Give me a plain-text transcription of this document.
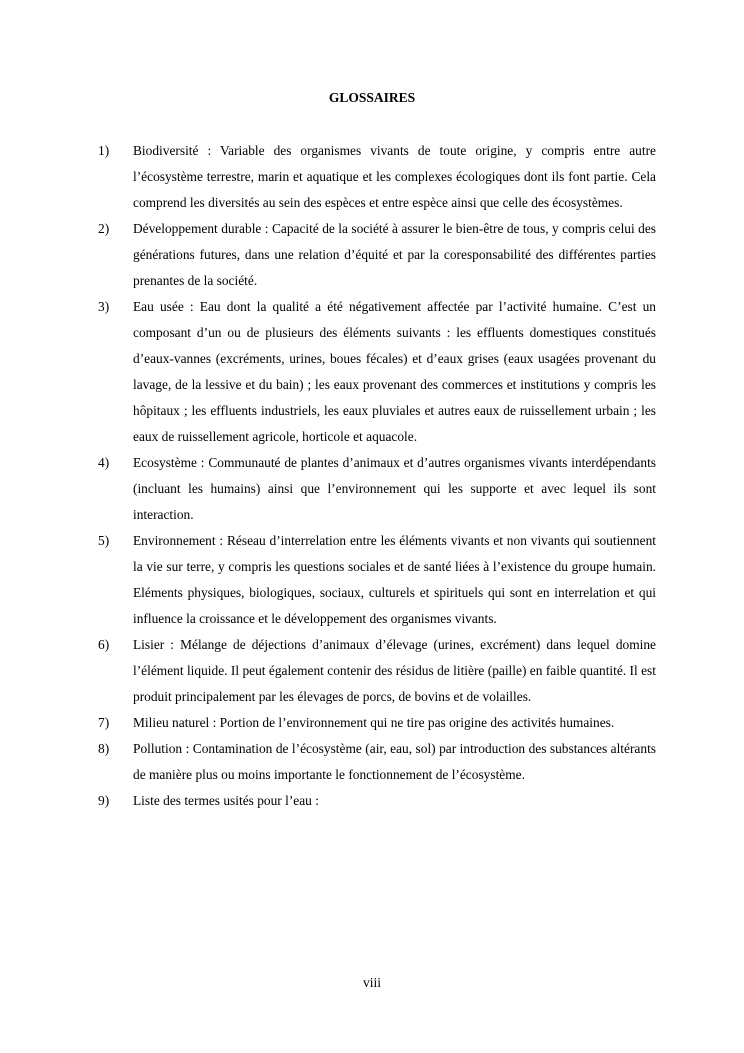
GLOSSAIRES
1) Biodiversité : Variable des organismes vivants de toute origine, y compris entre autre l’écosystème terrestre, marin et aquatique et les complexes écologiques dont ils font partie. Cela comprend les diversités au sein des espèces et entre espèce ainsi que celle des écosystèmes.
2) Développement durable : Capacité de la société à assurer le bien-être de tous, y compris celui des générations futures, dans une relation d’équité et par la coresponsabilité des différentes parties prenantes de la société.
3) Eau usée : Eau dont la qualité a été négativement affectée par l’activité humaine. C’est un composant d’un ou de plusieurs des éléments suivants : les effluents domestiques constitués d’eaux-vannes (excréments, urines, boues fécales) et d’eaux grises (eaux usagées provenant du lavage, de la lessive et du bain) ; les eaux provenant des commerces et institutions y compris les hôpitaux ; les effluents industriels, les eaux pluviales et autres eaux de ruissellement urbain ; les eaux de ruissellement agricole, horticole et aquacole.
4) Ecosystème : Communauté de plantes d’animaux et d’autres organismes vivants interdépendants (incluant les humains) ainsi que l’environnement qui les supporte et avec lequel ils sont interaction.
5) Environnement : Réseau d’interrelation entre les éléments vivants et non vivants qui soutiennent la vie sur terre, y compris les questions sociales et de santé liées à l’existence du groupe humain. Eléments physiques, biologiques, sociaux, culturels et spirituels qui sont en interrelation et qui influence la croissance et le développement des organismes vivants.
6) Lisier : Mélange de déjections d’animaux d’élevage (urines, excrément) dans lequel domine l’élément liquide. Il peut également contenir des résidus de litière (paille) en faible quantité. Il est produit principalement par les élevages de porcs, de bovins et de volailles.
7) Milieu naturel : Portion de l’environnement qui ne tire pas origine des activités humaines.
8) Pollution : Contamination de l’écosystème (air, eau, sol) par introduction des substances altérants de manière plus ou moins importante le fonctionnement de l’écosystème.
9) Liste des termes usités pour l’eau :
viii
